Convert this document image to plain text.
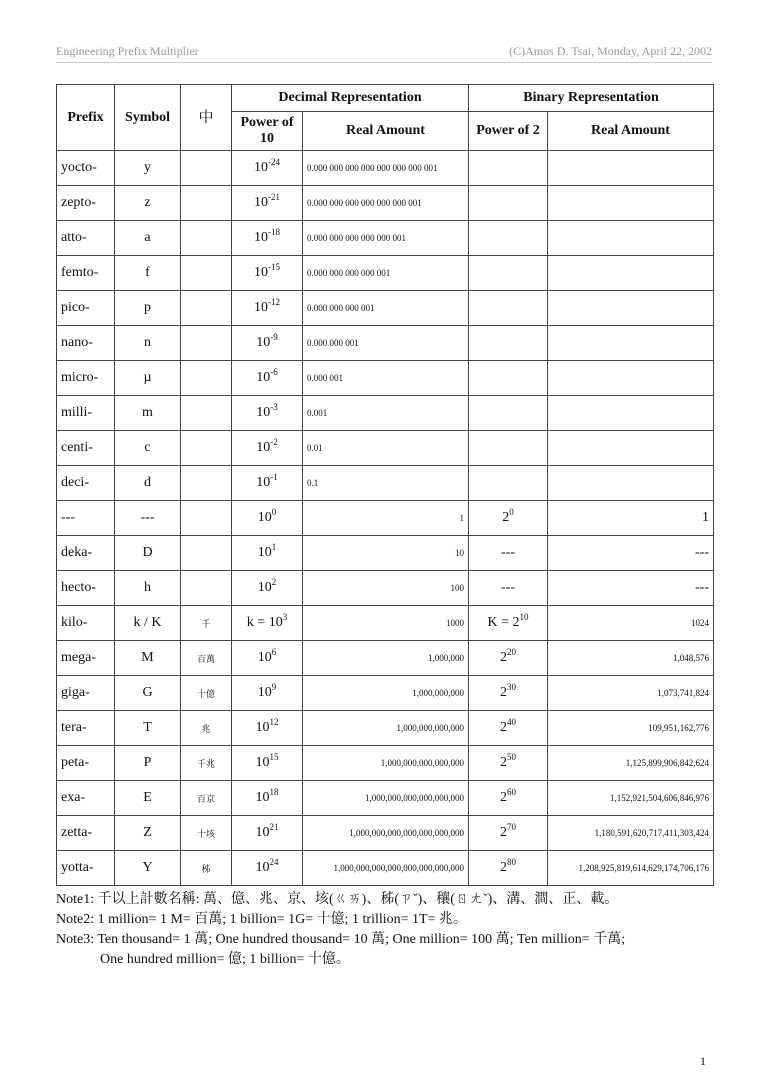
Engineering Prefix Multiplier	(C)Amos D. Tsai, Monday, April 22, 2002
Prefix	Symbol	中	Decimal Representation		Binary Representation	
			Power of 10	Real Amount	Power of 2	Real Amount
yocto-	y		$10^{-24}$	0.000 000 000 000 000 000 000 001		
zepto-	z		$10^{-21}$	0.000 000 000 000 000 000 001		
atto-	a		$10^{-18}$	0.000 000 000 000 000 001		
femto-	f		$10^{-15}$	0.000 000 000 000 001		
pico-	p		$10^{-12}$	0.000 000 000 001		
nano-	n		$10^{-9}$	0.000 000 001		
micro-	µ		$10^{-6}$	0.000 001		
milli-	m		$10^{-3}$	0.001		
centi-	c		$10^{-2}$	0.01		
deci-	d		$10^{-1}$	0.1		
---	---		$10^0$	1	$2^0$	1
deka-	D		$10^1$	10	---	---
hecto-	h		$10^2$	100	---	---
kilo-	k / K	千	$k = 10^3$	1000	$K = 2^{10}$	1024
mega-	M	百萬	$10^6$	1,000,000	$2^{20}$	1,048,576
giga-	G	十億	$10^9$	1,000,000,000	$2^{30}$	1,073,741,824
tera-	T	兆	$10^{12}$	1,000,000,000,000	$2^{40}$	109,951,162,776
peta-	P	千兆	$10^{15}$	1,000,000,000,000,000	$2^{50}$	1,125,899,906,842,624
exa-	E	百京	$10^{18}$	1,000,000,000,000,000,000	$2^{60}$	1,152,921,504,606,846,976
zetta-	Z	十垓	$10^{21}$	1,000,000,000,000,000,000,000	$2^{70}$	1,180,591,620,717,411,303,424
yotta-	Y	秭	$10^{24}$	1,000,000,000,000,000,000,000,000	$2^{80}$	1,208,925,819,614,629,174,706,176
Note1: 千以上計數名稱: 萬、億、兆、京、垓(ㄍㄞ)、秭(ㄗˇ)、穰(ㄖㄤˇ)、溝、澗、正、載。
Note2: 1 million= 1 M= 百萬; 1 billion= 1G= 十億; 1 trillion= 1T= 兆。
Note3: Ten thousand= 1 萬; One hundred thousand= 10 萬; One million= 100 萬; Ten million= 千萬;
One hundred million= 億; 1 billion= 十億。
1
